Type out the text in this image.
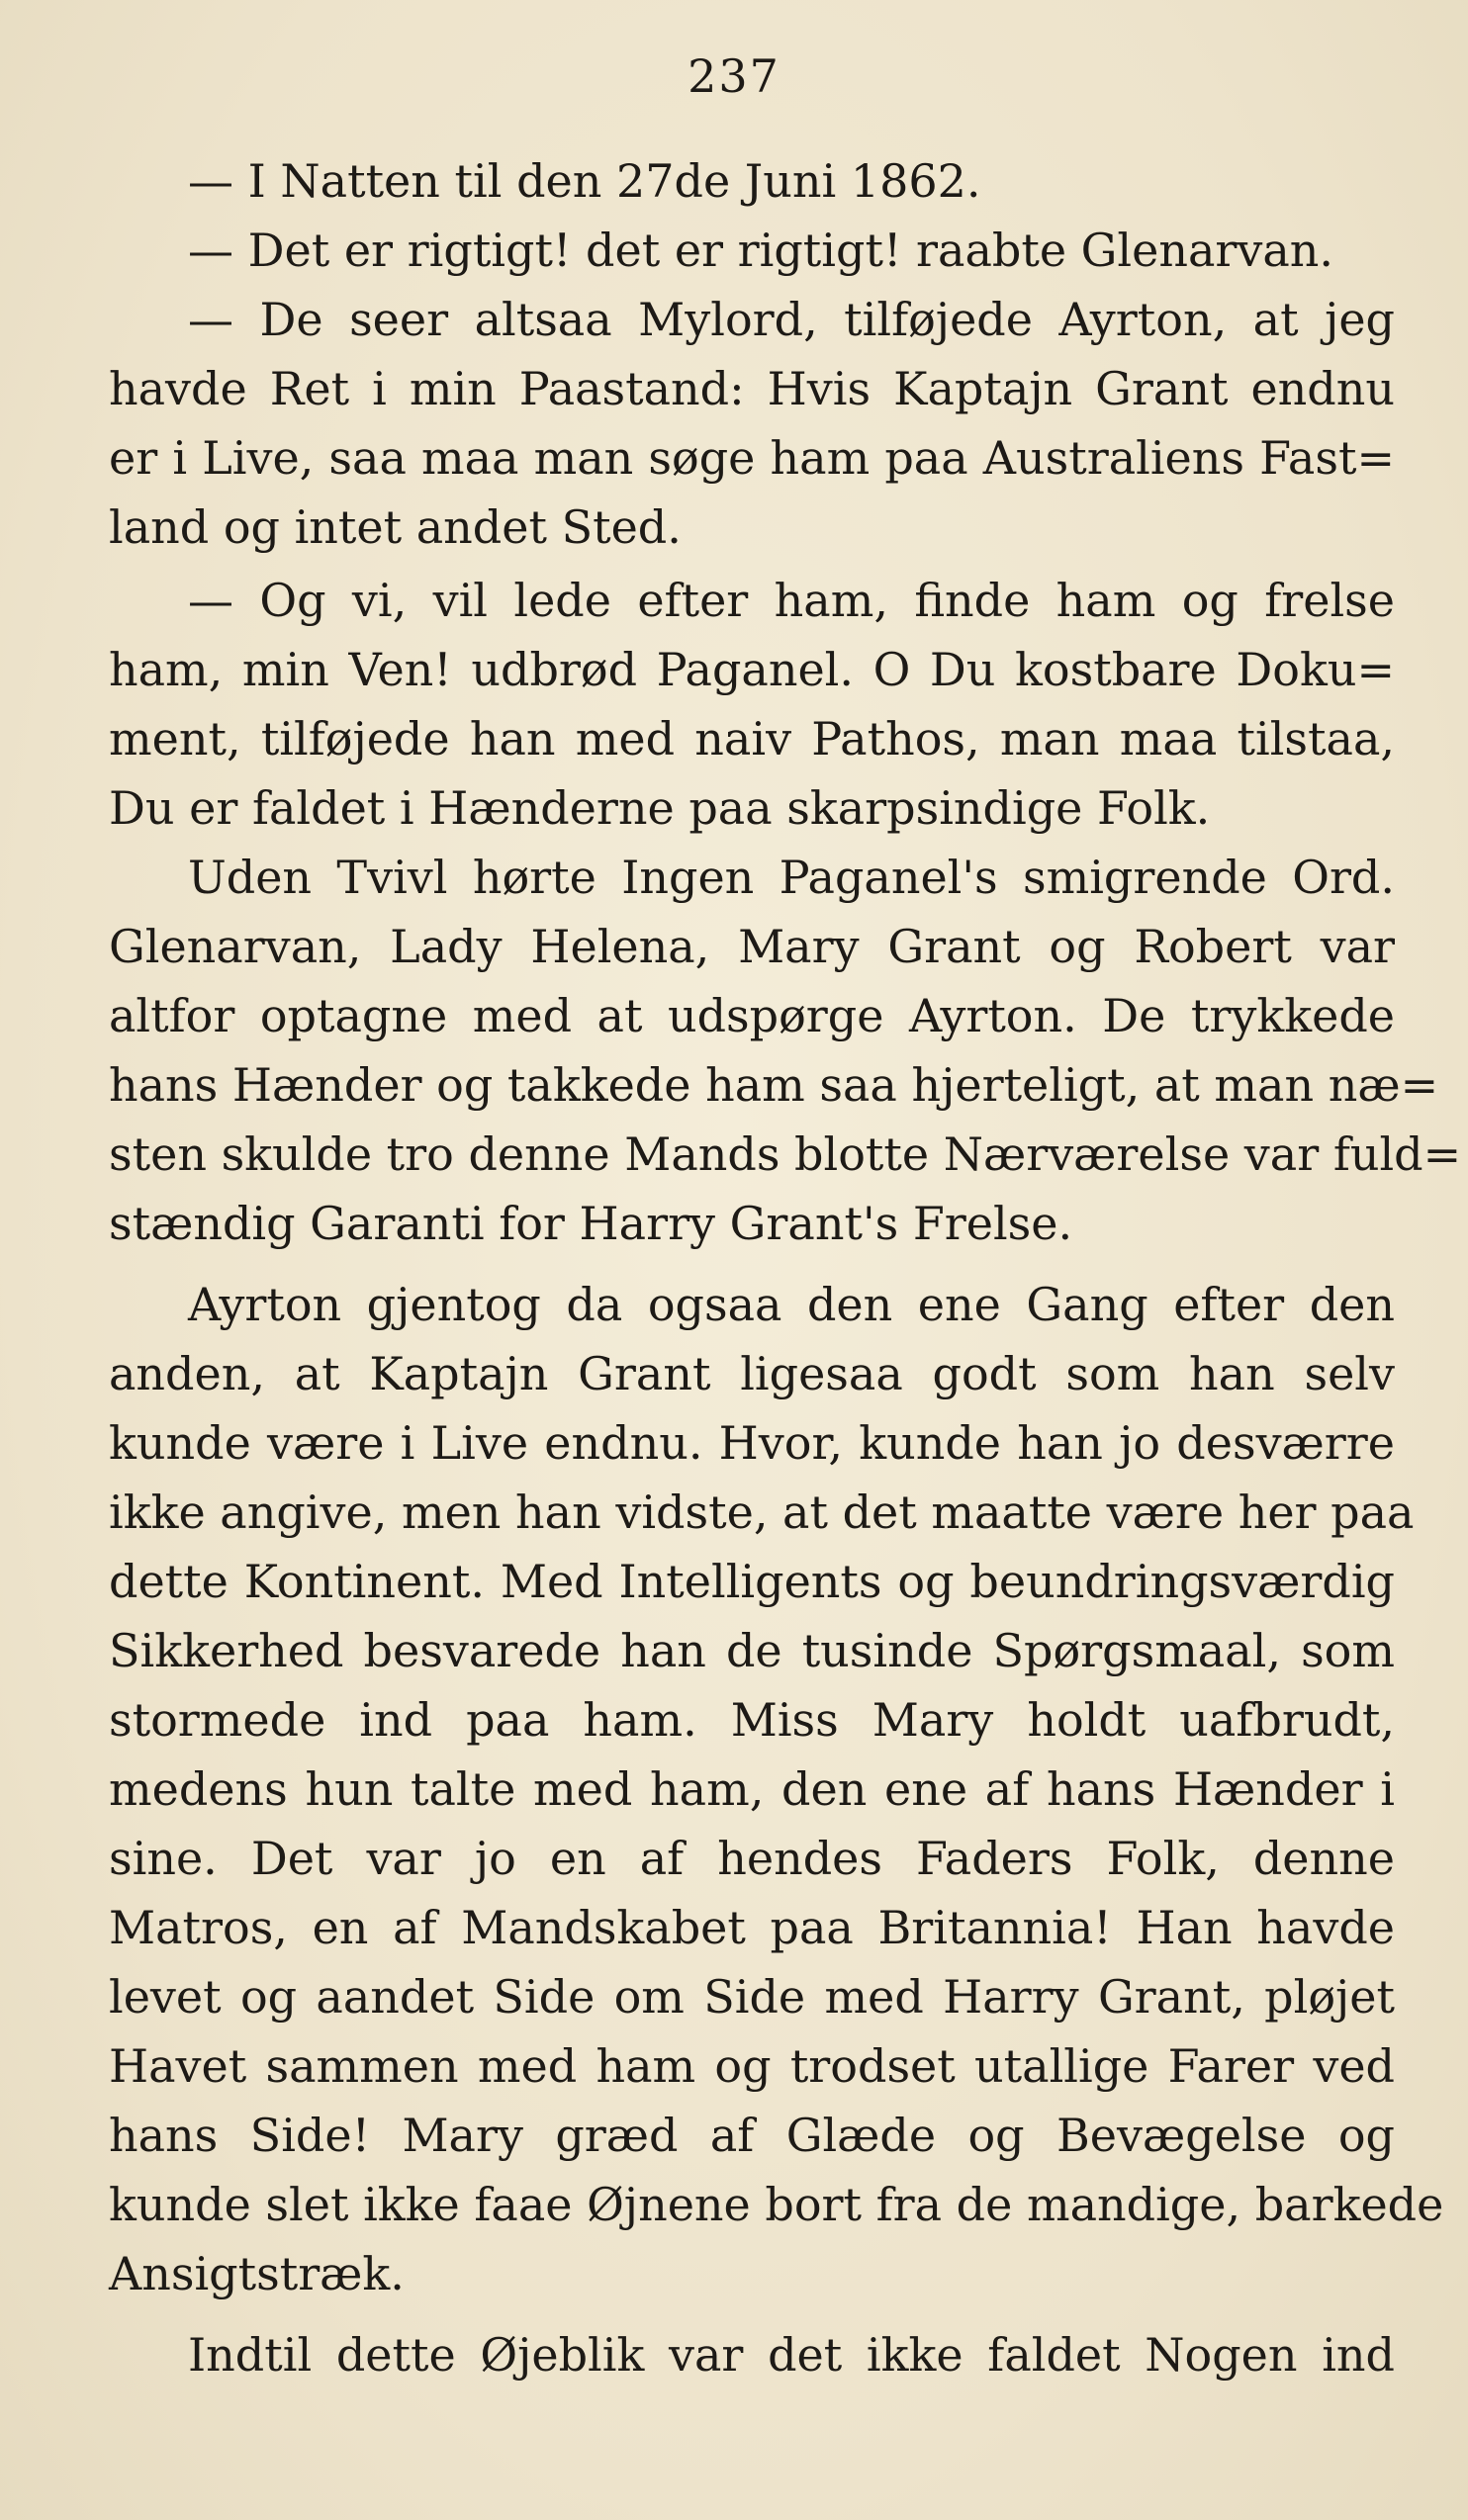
237
— I Natten til den 27de Juni 1862.
— Det er rigtigt! det er rigtigt! raabte Glenarvan.
— De seer altsaa Mylord, tilføjede Ayrton, at jeg
havde Ret i min Paastand: Hvis Kaptajn Grant endnu
er i Live, saa maa man søge ham paa Australiens Fast=
land og intet andet Sted.
— Og vi, vil lede efter ham, finde ham og frelse
ham, min Ven! udbrød Paganel. O Du kostbare Doku=
ment, tilføjede han med naiv Pathos, man maa tilstaa,
Du er faldet i Hænderne paa skarpsindige Folk.
Uden Tvivl hørte Ingen Paganel's smigrende Ord.
Glenarvan, Lady Helena, Mary Grant og Robert var
altfor optagne med at udspørge Ayrton. De trykkede
hans Hænder og takkede ham saa hjerteligt, at man næ=
sten skulde tro denne Mands blotte Nærværelse var fuld=
stændig Garanti for Harry Grant's Frelse.
Ayrton gjentog da ogsaa den ene Gang efter den
anden, at Kaptajn Grant ligesaa godt som han selv
kunde være i Live endnu. Hvor, kunde han jo desværre
ikke angive, men han vidste, at det maatte være her paa
dette Kontinent. Med Intelligents og beundringsværdig
Sikkerhed besvarede han de tusinde Spørgsmaal, som
stormede ind paa ham. Miss Mary holdt uafbrudt,
medens hun talte med ham, den ene af hans Hænder i
sine. Det var jo en af hendes Faders Folk, denne
Matros, en af Mandskabet paa Britannia! Han havde
levet og aandet Side om Side med Harry Grant, pløjet
Havet sammen med ham og trodset utallige Farer ved
hans Side! Mary græd af Glæde og Bevægelse og
kunde slet ikke faae Øjnene bort fra de mandige, barkede
Ansigtstræk.
Indtil dette Øjeblik var det ikke faldet Nogen ind
